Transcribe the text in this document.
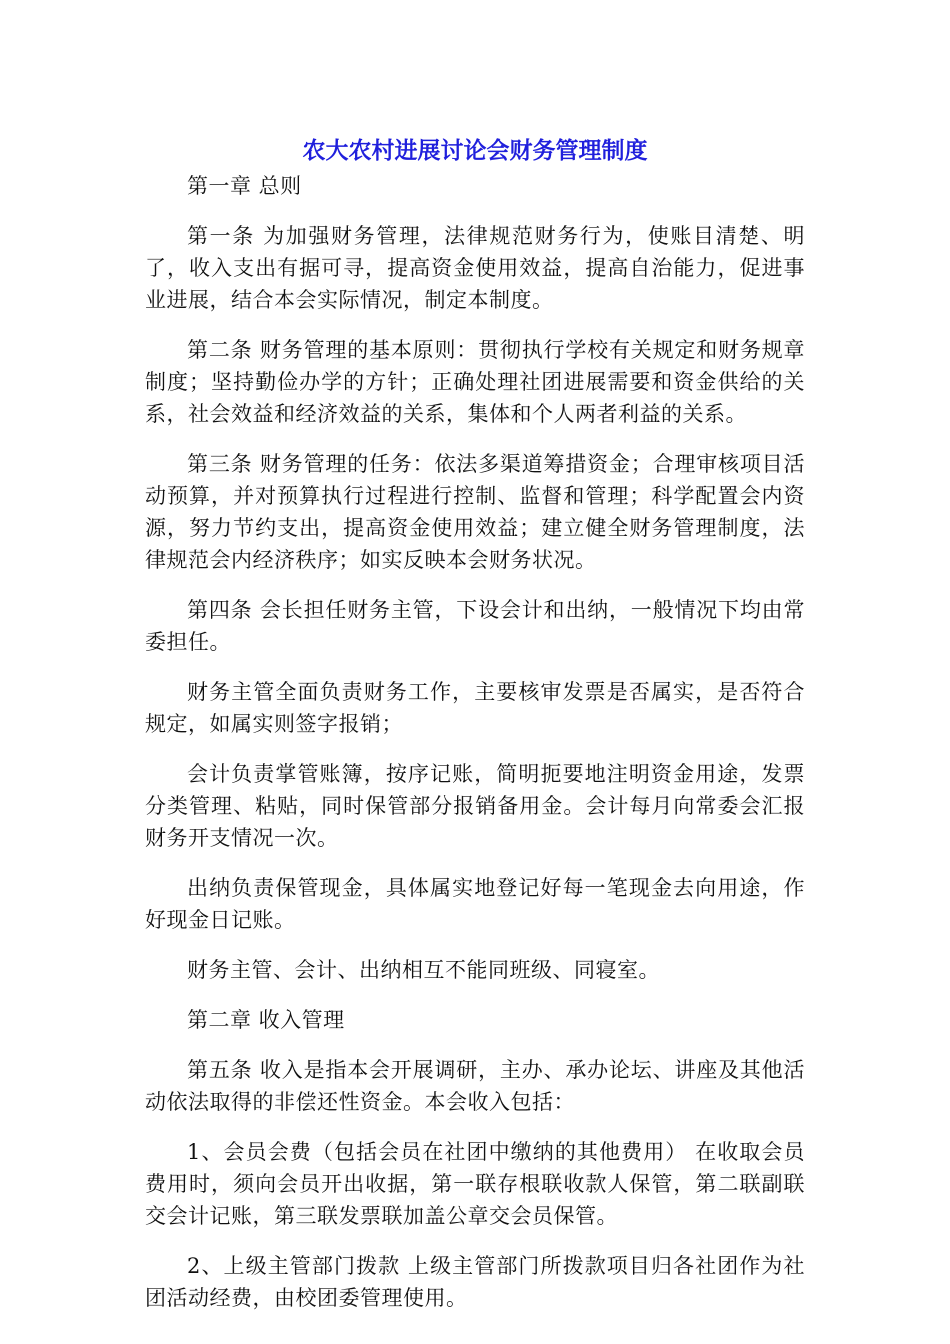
农大农村进展讨论会财务管理制度

第一章 总则

第一条 为加强财务管理，法律规范财务行为，使账目清楚、明了，收入支出有据可寻，提高资金使用效益，提高自治能力，促进事业进展，结合本会实际情况，制定本制度。

第二条 财务管理的基本原则：贯彻执行学校有关规定和财务规章制度；坚持勤俭办学的方针；正确处理社团进展需要和资金供给的关系，社会效益和经济效益的关系，集体和个人两者利益的关系。

第三条 财务管理的任务：依法多渠道筹措资金；合理审核项目活动预算，并对预算执行过程进行控制、监督和管理；科学配置会内资源，努力节约支出，提高资金使用效益；建立健全财务管理制度，法律规范会内经济秩序；如实反映本会财务状况。

第四条 会长担任财务主管，下设会计和出纳，一般情况下均由常委担任。

财务主管全面负责财务工作，主要核审发票是否属实，是否符合规定，如属实则签字报销；

会计负责掌管账簿，按序记账，简明扼要地注明资金用途，发票分类管理、粘贴，同时保管部分报销备用金。会计每月向常委会汇报财务开支情况一次。

出纳负责保管现金，具体属实地登记好每一笔现金去向用途，作好现金日记账。

财务主管、会计、出纳相互不能同班级、同寝室。

第二章 收入管理

第五条 收入是指本会开展调研，主办、承办论坛、讲座及其他活动依法取得的非偿还性资金。本会收入包括：

1、会员会费（包括会员在社团中缴纳的其他费用） 在收取会员费用时，须向会员开出收据，第一联存根联收款人保管，第二联副联交会计记账，第三联发票联加盖公章交会员保管。

2、上级主管部门拨款 上级主管部门所拨款项目归各社团作为社团活动经费，由校团委管理使用。
